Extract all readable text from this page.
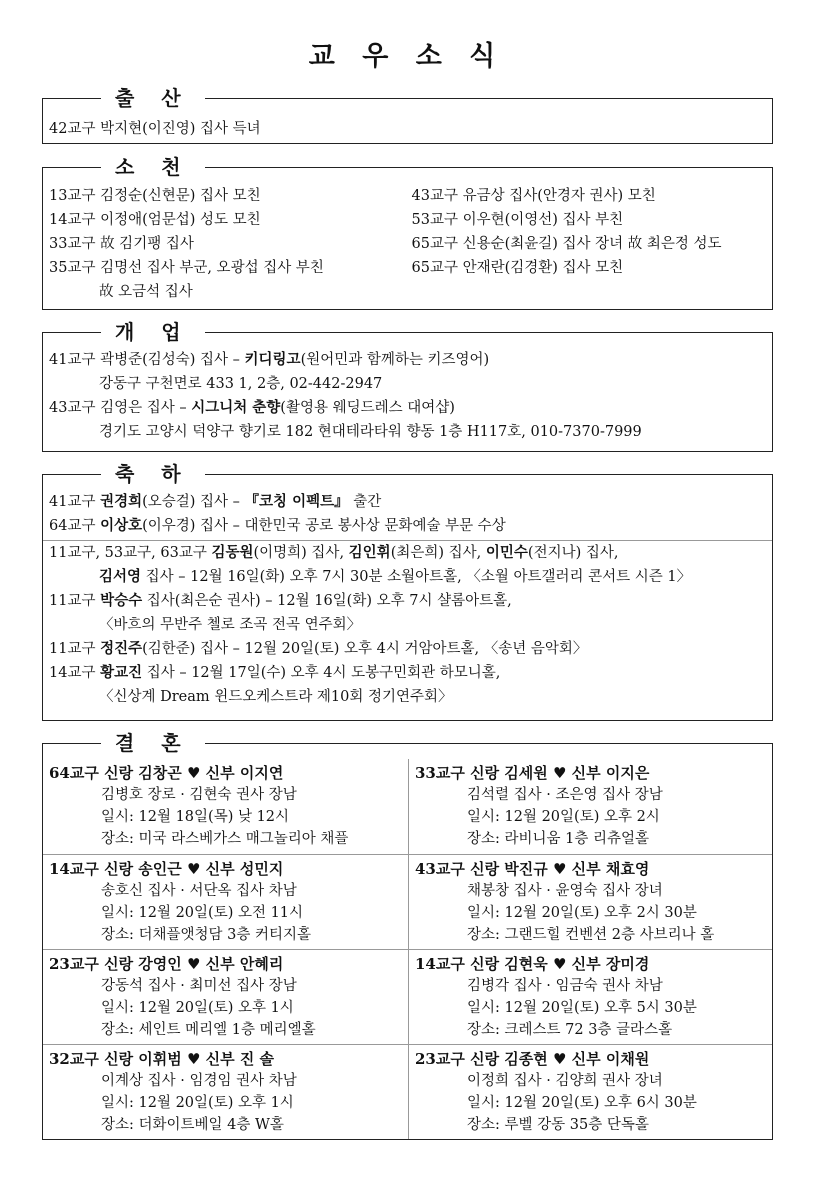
교 우 소 식
출 산
42교구 박지현(이진영) 집사 득녀
소 천
13교구 김정순(신현문) 집사 모친
14교구 이정애(엄문섭) 성도 모친
33교구 故 김기팽 집사
35교구 김명선 집사 부군, 오광섭 집사 부친
故 오금석 집사
43교구 유금상 집사(안경자 권사) 모친
53교구 이우현(이영선) 집사 부친
65교구 신용순(최윤길) 집사 장녀 故 최은정 성도
65교구 안재란(김경환) 집사 모친
개 업
41교구 곽병준(김성숙) 집사 – 키디링고(원어민과 함께하는 키즈영어)
강동구 구천면로 433 1, 2층, 02-442-2947
43교구 김영은 집사 – 시그니처 춘향(촬영용 웨딩드레스 대여샵)
경기도 고양시 덕양구 향기로 182 현대테라타워 향동 1층 H117호, 010-7370-7999
축 하
41교구 권경희(오승걸) 집사 – 『코칭 이펙트』 출간
64교구 이상호(이우경) 집사 – 대한민국 공로 봉사상 문화예술 부문 수상
11교구, 53교구, 63교구 김동원(이명희) 집사, 김인휘(최은희) 집사, 이민수(전지나) 집사,
김서영 집사 – 12월 16일(화) 오후 7시 30분 소월아트홀, 〈소월 아트갤러리 콘서트 시즌 1〉
11교구 박승수 집사(최은순 권사) – 12월 16일(화) 오후 7시 샬롬아트홀,
〈바흐의 무반주 첼로 조곡 전곡 연주회〉
11교구 정진주(김한준) 집사 – 12월 20일(토) 오후 4시 거암아트홀, 〈송년 음악회〉
14교구 황교진 집사 – 12월 17일(수) 오후 4시 도봉구민회관 하모니홀,
〈신상계 Dream 윈드오케스트라 제10회 정기연주회〉
결 혼
64교구 신랑 김창곤 ♥ 신부 이지연
김병호 장로 · 김현숙 권사 장남
일시: 12월 18일(목) 낮 12시
장소: 미국 라스베가스 매그놀리아 채플
33교구 신랑 김세원 ♥ 신부 이지은
김석렬 집사 · 조은영 집사 장남
일시: 12월 20일(토) 오후 2시
장소: 라비니움 1층 리츄얼홀
14교구 신랑 송인근 ♥ 신부 성민지
송호신 집사 · 서단옥 집사 차남
일시: 12월 20일(토) 오전 11시
장소: 더채플앳청담 3층 커티지홀
43교구 신랑 박진규 ♥ 신부 채효영
채봉창 집사 · 윤영숙 집사 장녀
일시: 12월 20일(토) 오후 2시 30분
장소: 그랜드힐 컨벤션 2층 사브리나 홀
23교구 신랑 강영인 ♥ 신부 안혜리
강동석 집사 · 최미선 집사 장남
일시: 12월 20일(토) 오후 1시
장소: 세인트 메리엘 1층 메리엘홀
14교구 신랑 김현욱 ♥ 신부 장미경
김병각 집사 · 임금숙 권사 차남
일시: 12월 20일(토) 오후 5시 30분
장소: 크레스트 72 3층 글라스홀
32교구 신랑 이휘범 ♥ 신부 진 솔
이계상 집사 · 임경임 권사 차남
일시: 12월 20일(토) 오후 1시
장소: 더화이트베일 4층 W홀
23교구 신랑 김종현 ♥ 신부 이채원
이정희 집사 · 김양희 권사 장녀
일시: 12월 20일(토) 오후 6시 30분
장소: 루벨 강동 35층 단독홀
